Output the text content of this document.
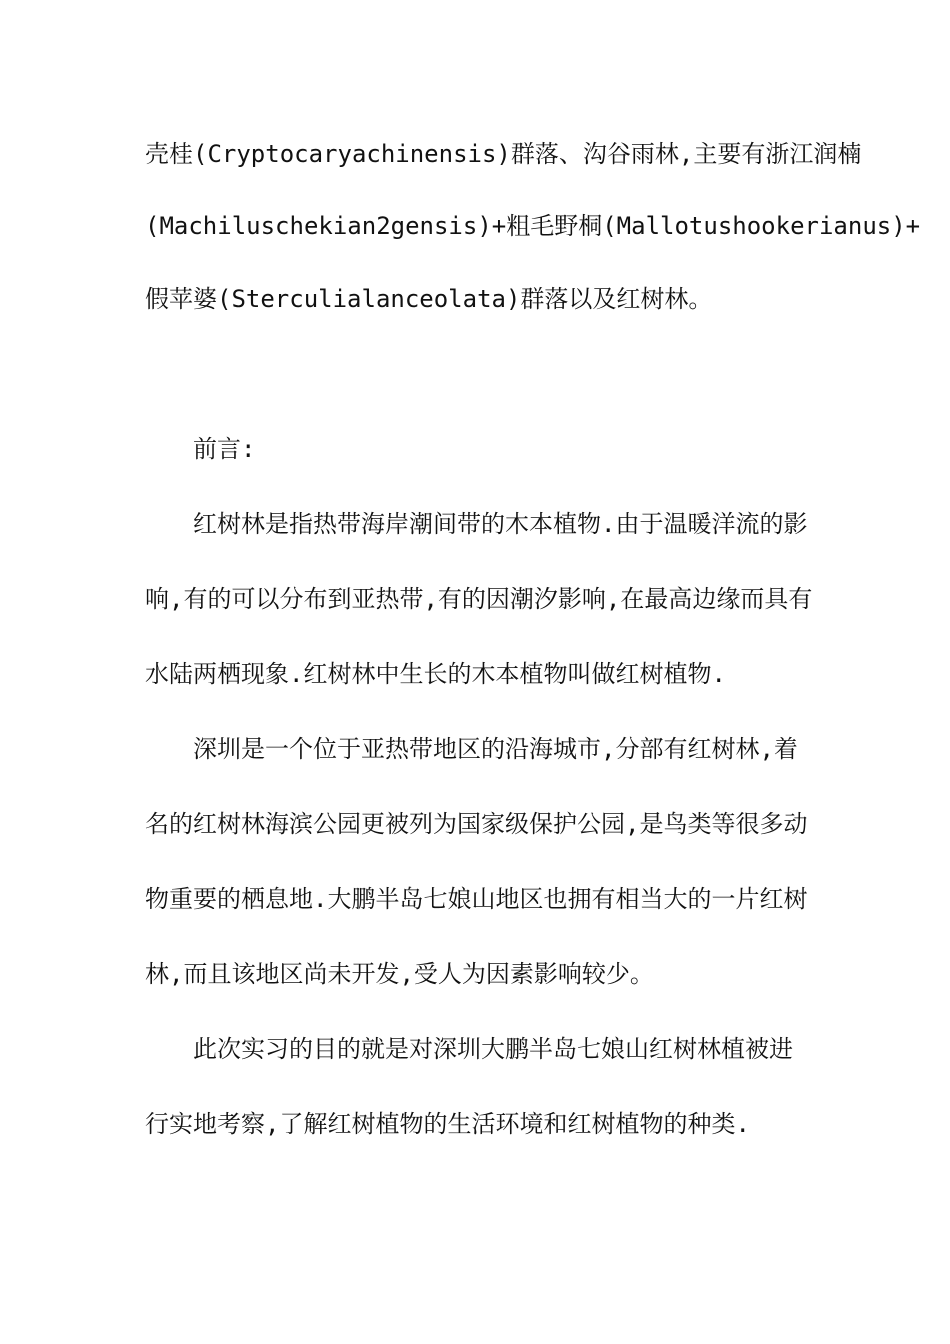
壳桂(Cryptocaryachinensis)群落、沟谷雨林,主要有浙江润楠
(Machiluschekian2gensis)+粗毛野桐(Mallotushookerianus)+
假苹婆(Sterculialanceolata)群落以及红树林。
前言:
红树林是指热带海岸潮间带的木本植物.由于温暖洋流的影
响,有的可以分布到亚热带,有的因潮汐影响,在最高边缘而具有
水陆两栖现象.红树林中生长的木本植物叫做红树植物.
深圳是一个位于亚热带地区的沿海城市,分部有红树林,着
名的红树林海滨公园更被列为国家级保护公园,是鸟类等很多动
物重要的栖息地.大鹏半岛七娘山地区也拥有相当大的一片红树
林,而且该地区尚未开发,受人为因素影响较少。
此次实习的目的就是对深圳大鹏半岛七娘山红树林植被进
行实地考察,了解红树植物的生活环境和红树植物的种类.
